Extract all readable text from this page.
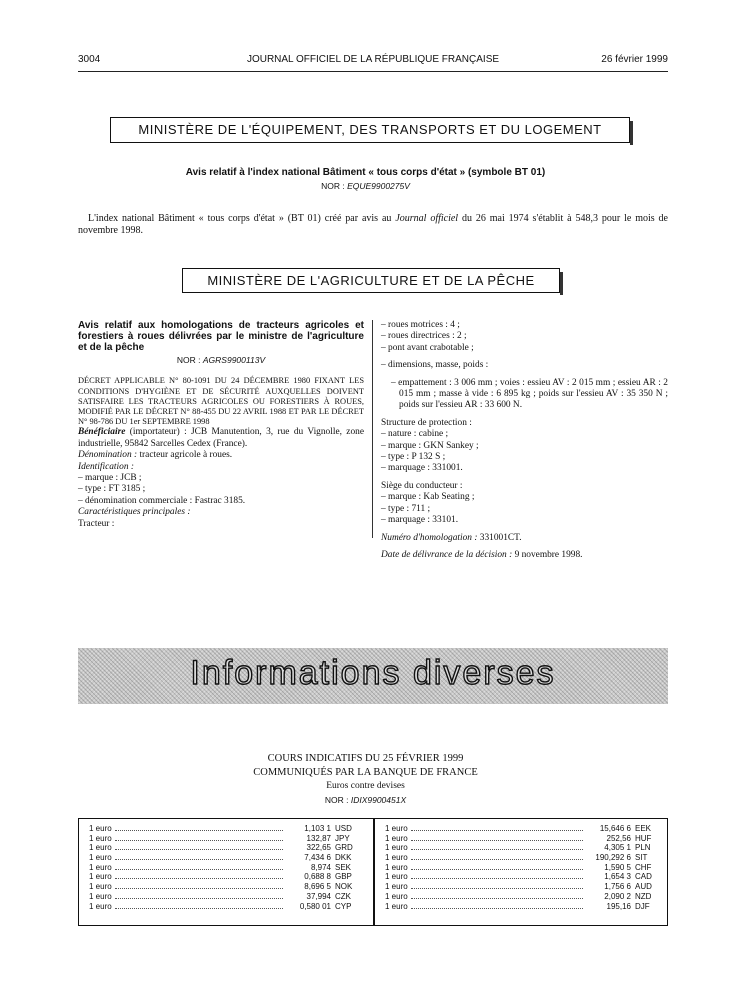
3004	JOURNAL OFFICIEL DE LA RÉPUBLIQUE FRANÇAISE	26 février 1999
MINISTÈRE DE L'ÉQUIPEMENT, DES TRANSPORTS ET DU LOGEMENT
Avis relatif à l'index national Bâtiment « tous corps d'état » (symbole BT 01)
NOR : EQUE9900275V

L'index national Bâtiment « tous corps d'état » (BT 01) créé par avis au Journal officiel du 26 mai 1974 s'établit à 548,3 pour le mois de novembre 1998.

MINISTÈRE DE L'AGRICULTURE ET DE LA PÊCHE
Avis relatif aux homologations de tracteurs agricoles et forestiers à roues délivrées par le ministre de l'agriculture et de la pêche
NOR : AGRS9900113V

DÉCRET APPLICABLE N° 80-1091 DU 24 DÉCEMBRE 1980 FIXANT LES CONDITIONS D'HYGIÈNE ET DE SÉCURITÉ AUXQUELLES DOIVENT SATISFAIRE LES TRACTEURS AGRICOLES OU FORESTIERS À ROUES, MODIFIÉ PAR LE DÉCRET N° 88-455 DU 22 AVRIL 1988 ET PAR LE DÉCRET N° 98-786 DU 1er SEPTEMBRE 1998

Bénéficiaire (importateur) : JCB Manutention, 3, rue du Vignolle, zone industrielle, 95842 Sarcelles Cedex (France).

Dénomination : tracteur agricole à roues.

Identification :

– marque : JCB ;

– type : FT 3185 ;

– dénomination commerciale : Fastrac 3185.

Caractéristiques principales :

Tracteur :

– roues motrices : 4 ;

– roues directrices : 2 ;

– pont avant crabotable ;

– dimensions, masse, poids :

– empattement : 3 006 mm ; voies : essieu AV : 2 015 mm ; essieu AR : 2 015 mm ; masse à vide : 6 895 kg ; poids sur l'essieu AV : 35 350 N ; poids sur l'essieu AR : 33 600 N.

Structure de protection :

– nature : cabine ;

– marque : GKN Sankey ;

– type : P 132 S ;

– marquage : 331001.

Siège du conducteur :

– marque : Kab Seating ;

– type : 711 ;

– marquage : 33101.

Numéro d'homologation : 331001CT.

Date de délivrance de la décision : 9 novembre 1998.

Informations diverses
COURS INDICATIFS DU 25 FÉVRIER 1999
COMMUNIQUÉS PAR LA BANQUE DE FRANCE
Euros contre devises
NOR : IDIX9900451X
1 euro	1,103 1 USD
1 euro	132,87 JPY
1 euro	322,65 GRD
1 euro	7,434 6 DKK
1 euro	8,974 SEK
1 euro	0,688 8 GBP
1 euro	8,696 5 NOK
1 euro	37,994 CZK
1 euro	0,580 01 CYP
1 euro	15,646 6 EEK
1 euro	252,56 HUF
1 euro	4,305 1 PLN
1 euro	190,292 6 SIT
1 euro	1,590 5 CHF
1 euro	1,654 3 CAD
1 euro	1,756 6 AUD
1 euro	2,090 2 NZD
1 euro	195,16 DJF
